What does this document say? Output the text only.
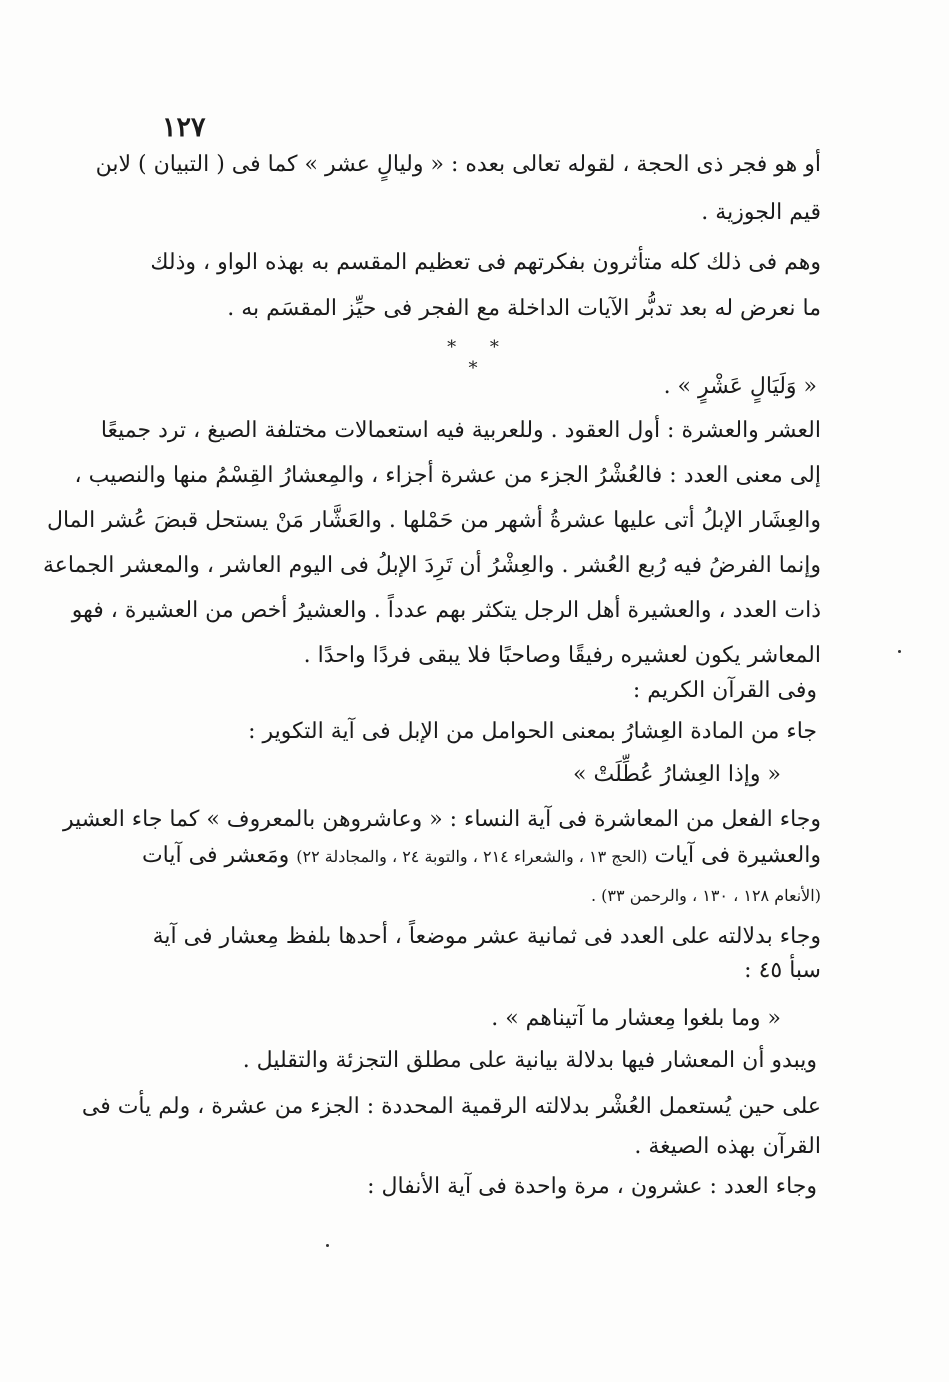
١٢٧
أو هو فجر ذى الحجة ، لقوله تعالى بعده : « وليالٍ عشر » كما فى ( التبيان ) لابن
قيم الجوزية .
وهم فى ذلك كله متأثرون بفكرتهم فى تعظيم المقسم به بهذه الواو ، وذلك
ما نعرض له بعد تدبُّر الآيات الداخلة مع الفجر فى حيِّز المقسَم به .
* * *
« وَلَيَالٍ عَشْرٍ » .
العشر والعشرة : أول العقود . وللعربية فيه استعمالات مختلفة الصيغ ، ترد جميعًا
إلى معنى العدد : فالعُشْرُ الجزء من عشرة أجزاء ، والمِعشارُ القِسْمُ منها والنصيب ،
والعِشَار الإبلُ أتى عليها عشرةُ أشهر من حَمْلها . والعَشَّار مَنْ يستحل قبضَ عُشر المال
وإنما الفرضُ فيه رُبع العُشر . والعِشْرُ أن تَرِدَ الإبلُ فى اليوم العاشر ، والمعشر الجماعة
ذات العدد ، والعشيرة أهل الرجل يتكثر بهم عدداً . والعشيرُ أخص من العشيرة ، فهو
المعاشر يكون لعشيره رفيقًا وصاحبًا فلا يبقى فردًا واحدًا .
وفى القرآن الكريم :
جاء من المادة العِشارُ بمعنى الحوامل من الإبل فى آية التكوير :
« وإذا العِشارُ عُطِّلَتْ »
وجاء الفعل من المعاشرة فى آية النساء : « وعاشروهن بالمعروف » كما جاء العشير
والعشيرة فى آيات (الحج ١٣ ، والشعراء ٢١٤ ، والتوبة ٢٤ ، والمجادلة ٢٢) ومَعشر فى آيات
(الأنعام ١٢٨ ، ١٣٠ ، والرحمن ٣٣) .
وجاء بدلالته على العدد فى ثمانية عشر موضعاً ، أحدها بلفظ مِعشار فى آية
سبأ ٤٥ :
« وما بلغوا مِعشار ما آتيناهم » .
ويبدو أن المعشار فيها بدلالة بيانية على مطلق التجزئة والتقليل .
على حين يُستعمل العُشْر بدلالته الرقمية المحددة : الجزء من عشرة ، ولم يأت فى
القرآن بهذه الصيغة .
وجاء العدد : عشرون ، مرة واحدة فى آية الأنفال :
